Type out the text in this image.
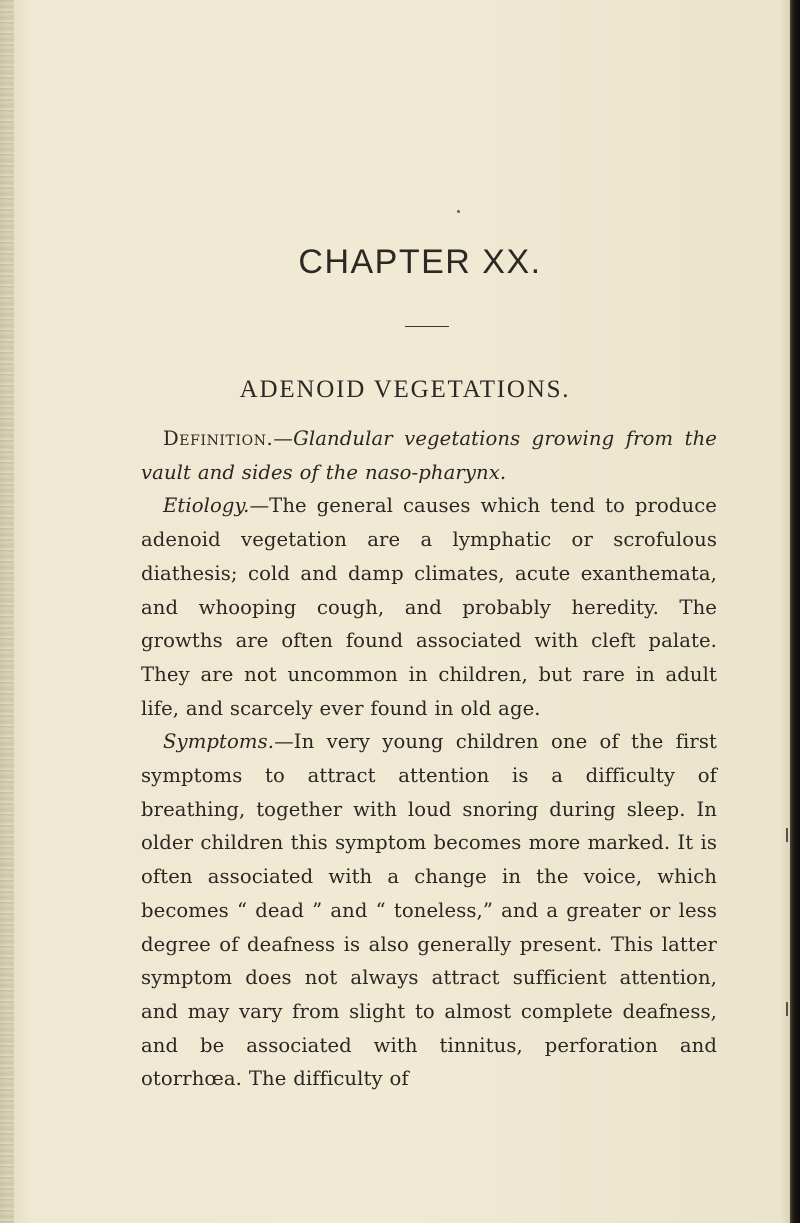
CHAPTER XX.
ADENOID VEGETATIONS.

Definition.—Glandular vegetations growing from the vault and sides of the naso-pharynx.

Etiology.—The general causes which tend to produce adenoid vegetation are a lymphatic or scrofulous diathesis; cold and damp climates, acute exanthemata, and whooping cough, and probably heredity. The growths are often found associated with cleft palate. They are not uncommon in children, but rare in adult life, and scarcely ever found in old age.

Symptoms.—In very young children one of the first symptoms to attract attention is a difficulty of breathing, together with loud snoring during sleep. In older children this symptom becomes more marked. It is often associated with a change in the voice, which becomes “ dead ” and “ toneless,” and a greater or less degree of deafness is also generally present. This latter symptom does not always attract sufficient attention, and may vary from slight to almost complete deafness, and be associated with tinnitus, perforation and otorrhœa. The difficulty of
